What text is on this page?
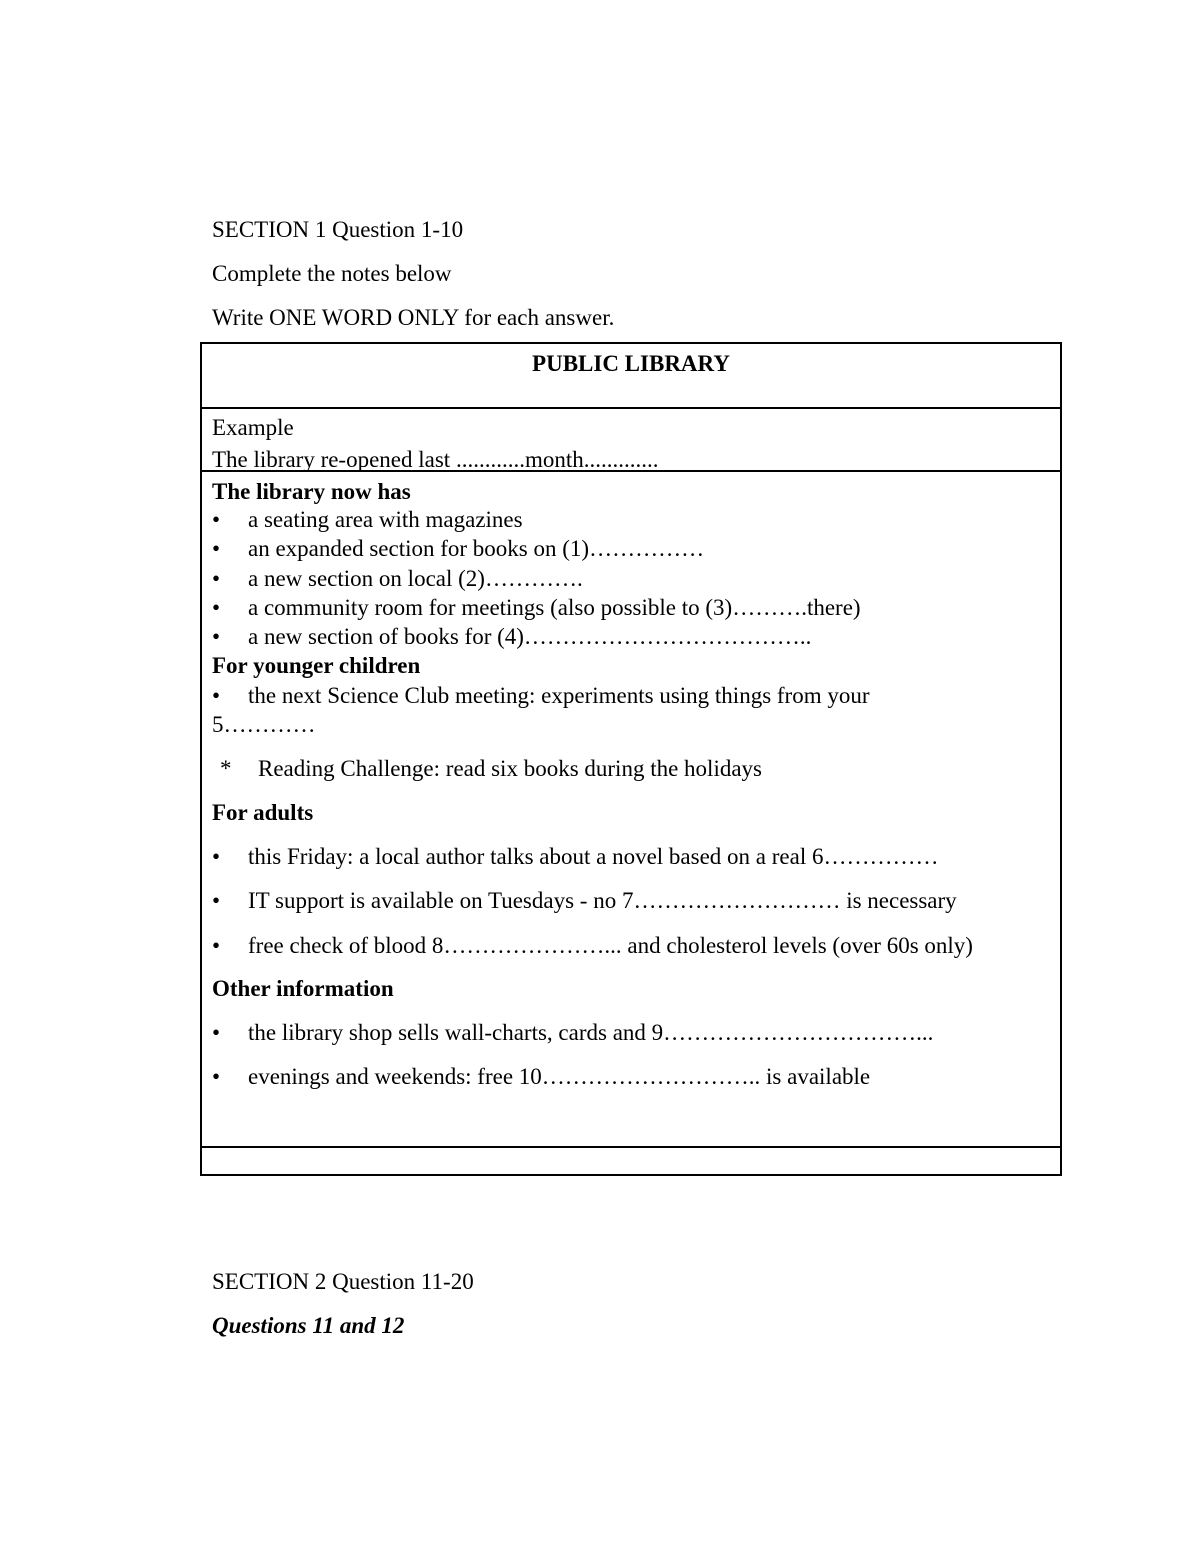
SECTION 1 Question 1-10
Complete the notes below
Write ONE WORD ONLY for each answer.
PUBLIC LIBRARY
Example
The library re-opened last ............month.............
The library now has
• a seating area with magazines
• an expanded section for books on (1)……………
• a new section on local (2)………….
• a community room for meetings (also possible to (3)……….there)
• a new section of books for (4)………………………………..
For younger children
• the next Science Club meeting: experiments using things from your
5…………
* Reading Challenge: read six books during the holidays
For adults
• this Friday: a local author talks about a novel based on a real 6……………
• IT support is available on Tuesdays - no 7……………………… is necessary
• free check of blood 8…………………... and cholesterol levels (over 60s only)
Other information
• the library shop sells wall-charts, cards and 9……………………………...
• evenings and weekends: free 10……………………….. is available
SECTION 2 Question 11-20
Questions 11 and 12
